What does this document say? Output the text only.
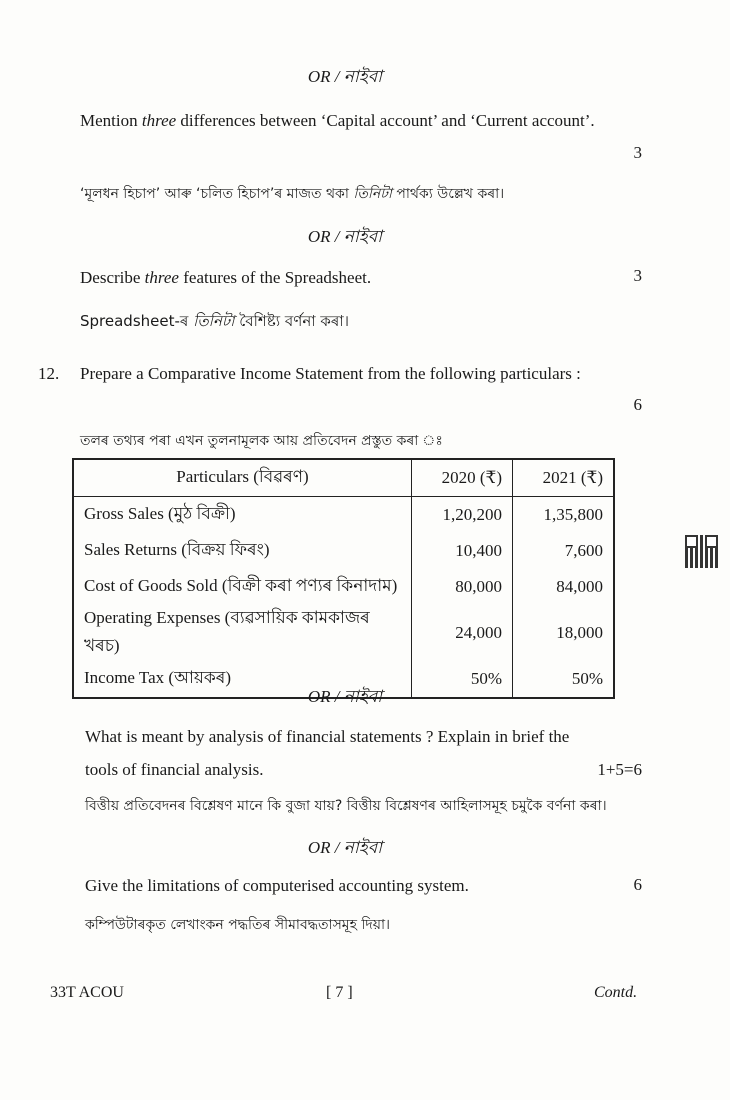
OR / নাইবা
Mention three differences between ‘Capital account’ and ‘Current account’.
3
‘মূলধন হিচাপ’ আৰু ‘চলিত হিচাপ’ৰ মাজত থকা তিনিটা পাৰ্থক্য উল্লেখ কৰা।
OR / নাইবা
Describe three features of the Spreadsheet.	3
Spreadsheet-ৰ তিনিটা বৈশিষ্ট্য বৰ্ণনা কৰা।
12. Prepare a Comparative Income Statement from the following particulars :
6
তলৰ তথ্যৰ পৰা এখন তুলনামূলক আয় প্ৰতিবেদন প্ৰস্তুত কৰা ঃ
Particulars (বিৱৰণ)	2020 (₹)	2021 (₹)
Gross Sales (মুঠ বিক্ৰী)	1,20,200	1,35,800
Sales Returns (বিক্ৰয় ফিৰং)	10,400	7,600
Cost of Goods Sold (বিক্ৰী কৰা পণ্যৰ কিনাদাম)	80,000	84,000
Operating Expenses (ব্যৱসায়িক কামকাজৰ খৰচ)	24,000	18,000
Income Tax (আয়কৰ)	50%	50%
OR / নাইবা
What is meant by analysis of financial statements ? Explain in brief the
tools of financial analysis.	1+5=6
বিত্তীয় প্ৰতিবেদনৰ বিশ্লেষণ মানে কি বুজা যায়? বিত্তীয় বিশ্লেষণৰ আহিলাসমূহ চমুকৈ বৰ্ণনা কৰা।
OR / নাইবা
Give the limitations of computerised accounting system.	6
কম্পিউটাৰকৃত লেখাংকন পদ্ধতিৰ সীমাবদ্ধতাসমূহ দিয়া।
33T ACOU	[ 7 ]	Contd.
